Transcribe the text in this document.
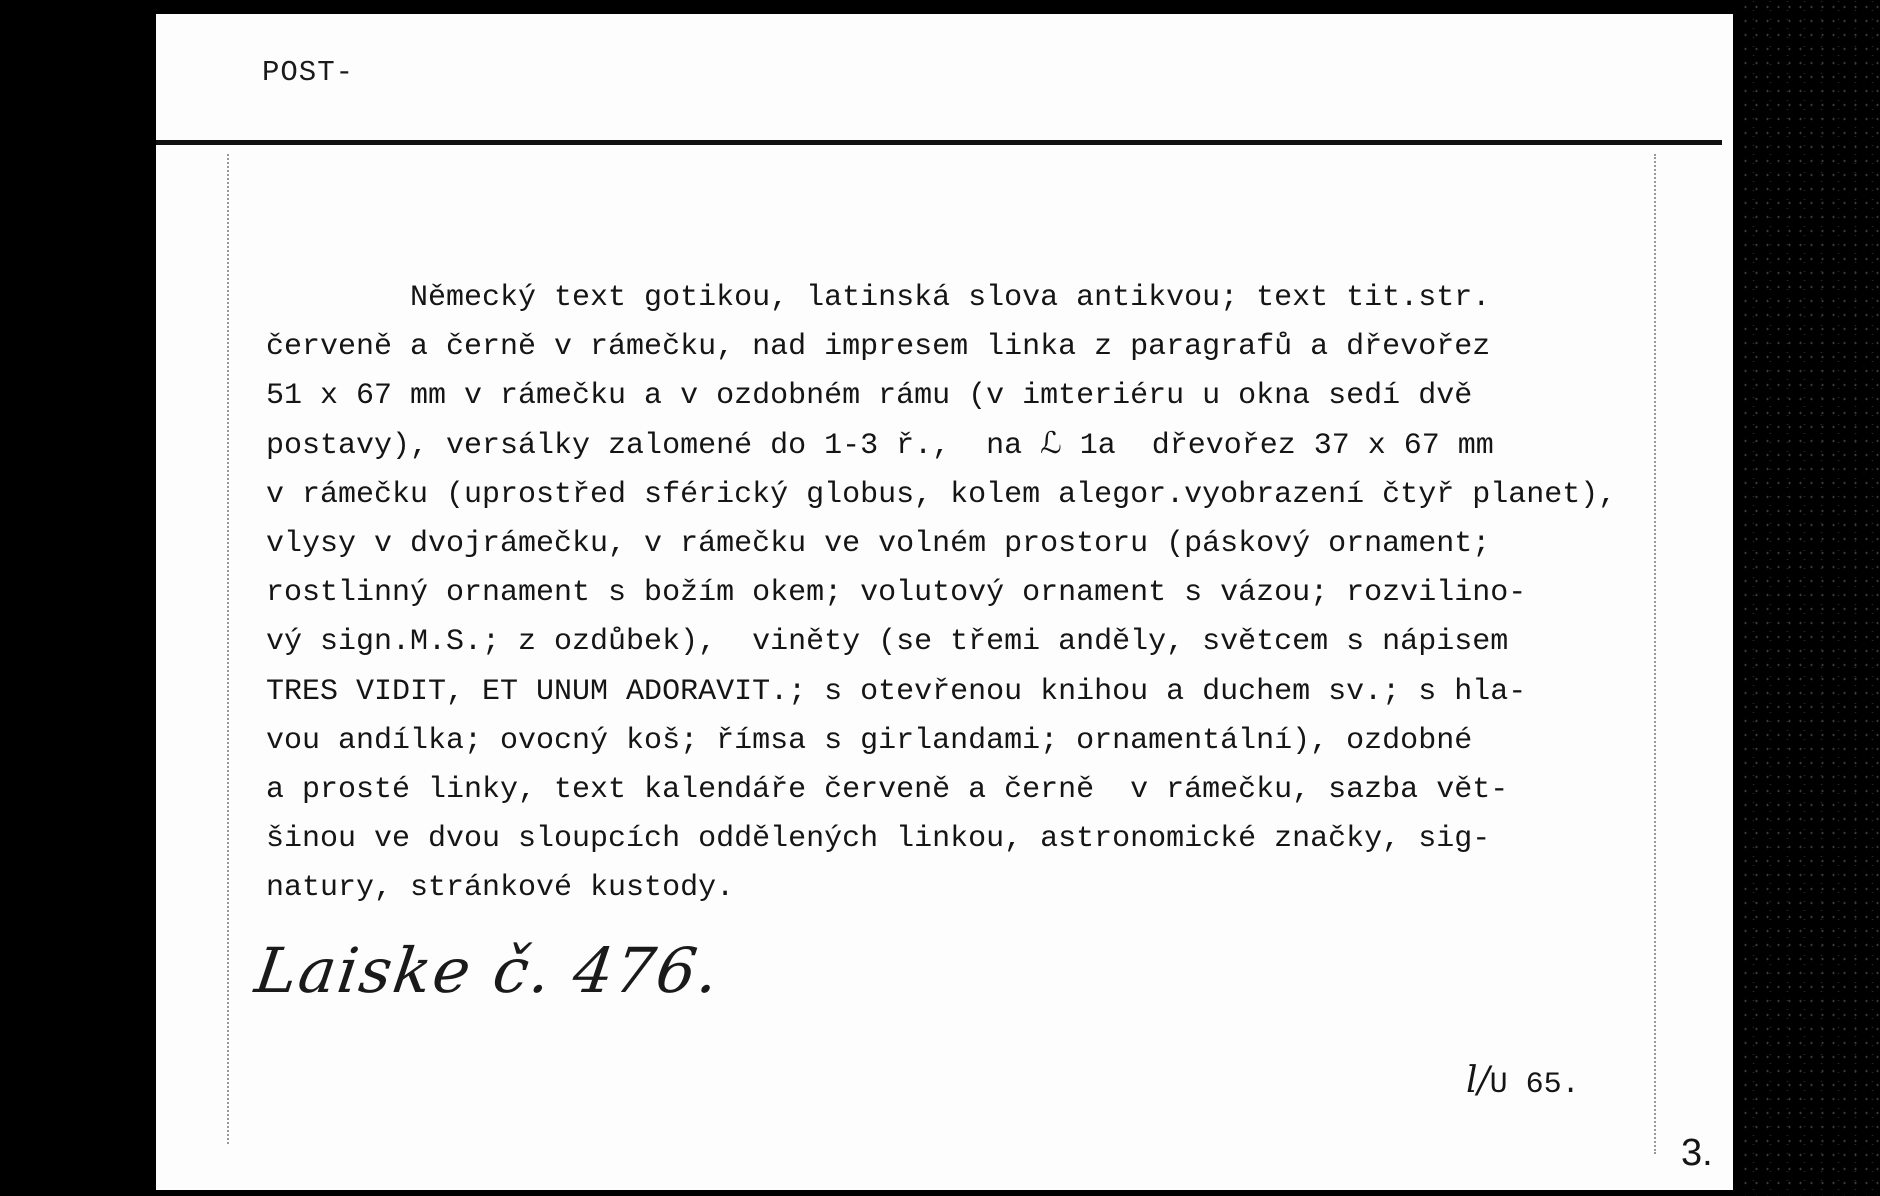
POST-
Německý text gotikou, latinská slova antikvou; text tit.str.
červeně a černě v rámečku, nad impresem linka z paragrafů a dřevořez
51 x 67 mm v rámečku a v ozdobném rámu (v imteriéru u okna sedí dvě
postavy), versálky zalomené do 1-3 ř.,  na ℒ 1a  dřevořez 37 x 67 mm
v rámečku (uprostřed sférický globus, kolem alegor.vyobrazení čtyř planet),
vlysy v dvojrámečku, v rámečku ve volném prostoru (páskový ornament;
rostlinný ornament s božím okem; volutový ornament s vázou; rozvilino-
vý sign.M.S.; z ozdůbek),  viněty (se třemi anděly, světcem s nápisem
TRES VIDIT, ET UNUM ADORAVIT.; s otevřenou knihou a duchem sv.; s hla-
vou andílka; ovocný koš; římsa s girlandami; ornamentální), ozdobné
a prosté linky, text kalendáře červeně a černě  v rámečku, sazba vět-
šinou ve dvou sloupcích oddělených linkou, astronomické značky, sig-
natury, stránkové kustody.
Laiske č. 476.
l/U 65.
3.
